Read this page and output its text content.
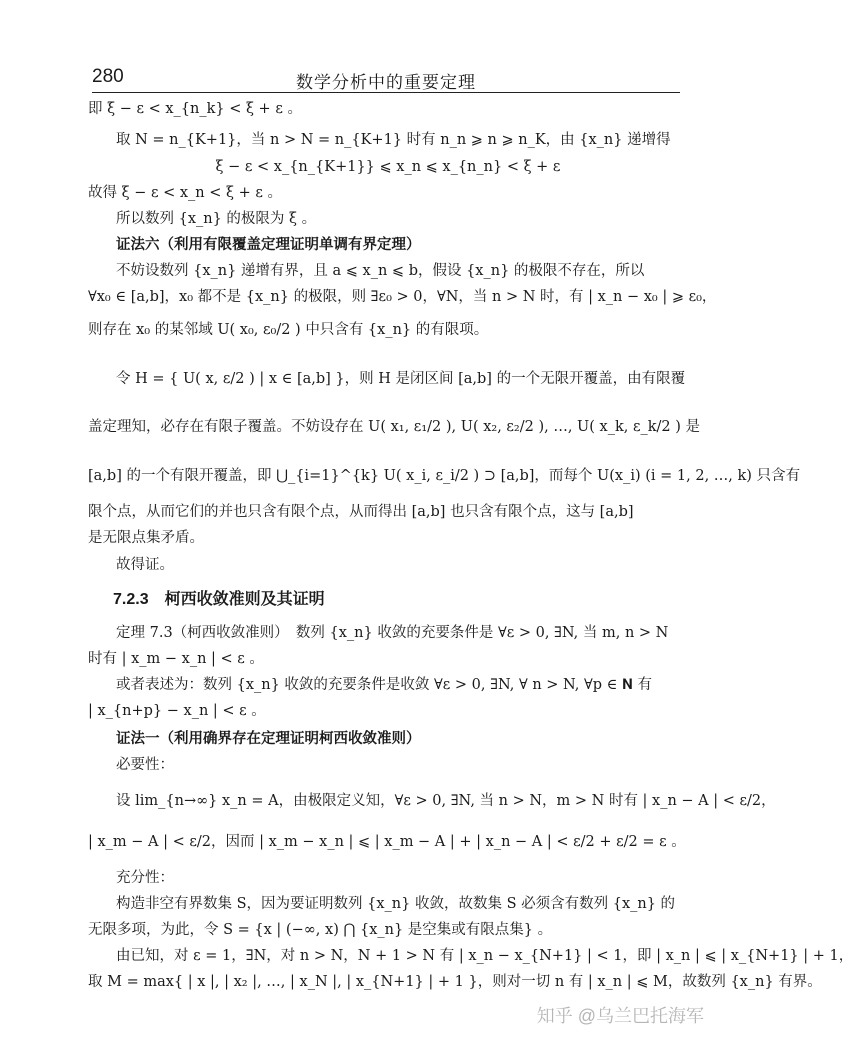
280	数学分析中的重要定理
即 ξ − ε < x_{n_k} < ξ + ε 。
取 N = n_{K+1}，当 n > N = n_{K+1} 时有 n_n ⩾ n ⩾ n_K，由 {x_n} 递增得
ξ − ε < x_{n_{K+1}} ⩽ x_n ⩽ x_{n_n} < ξ + ε
故得 ξ − ε < x_n < ξ + ε 。
所以数列 {x_n} 的极限为 ξ 。
证法六（利用有限覆盖定理证明单调有界定理）
不妨设数列 {x_n} 递增有界，且 a ⩽ x_n ⩽ b，假设 {x_n} 的极限不存在，所以
∀x₀ ∈ [a,b]，x₀ 都不是 {x_n} 的极限，则 ∃ε₀ > 0，∀N，当 n > N 时，有 | x_n − x₀ | ⩾ ε₀，
则存在 x₀ 的某邻域 U( x₀, ε₀/2 ) 中只含有 {x_n} 的有限项。
令 H = { U( x, ε/2 ) | x ∈ [a,b] }，则 H 是闭区间 [a,b] 的一个无限开覆盖，由有限覆
盖定理知，必存在有限子覆盖。不妨设存在 U( x₁, ε₁/2 ), U( x₂, ε₂/2 ), …, U( x_k, ε_k/2 ) 是
[a,b] 的一个有限开覆盖，即 ⋃_{i=1}^{k} U( x_i, ε_i/2 ) ⊃ [a,b]，而每个 U(x_i) (i = 1, 2, …, k) 只含有
限个点，从而它们的并也只含有限个点，从而得出 [a,b] 也只含有限个点，这与 [a,b]
是无限点集矛盾。
故得证。
7.2.3　柯西收敛准则及其证明
定理 7.3（柯西收敛准则）　数列 {x_n} 收敛的充要条件是 ∀ε > 0, ∃N, 当 m, n > N
时有 | x_m − x_n | < ε 。
或者表述为：数列 {x_n} 收敛的充要条件是收敛 ∀ε > 0, ∃N, ∀ n > N, ∀p ∈ 𝐍 有
| x_{n+p} − x_n | < ε 。
证法一（利用确界存在定理证明柯西收敛准则）
必要性：
设 lim_{n→∞} x_n = A，由极限定义知，∀ε > 0, ∃N, 当 n > N，m > N 时有 | x_n − A | < ε/2，
| x_m − A | < ε/2，因而 | x_m − x_n | ⩽ | x_m − A | + | x_n − A | < ε/2 + ε/2 = ε 。
充分性：
构造非空有界数集 S，因为要证明数列 {x_n} 收敛，故数集 S 必须含有数列 {x_n} 的
无限多项，为此，令 S = {x | (−∞, x) ⋂ {x_n} 是空集或有限点集} 。
由已知，对 ε = 1，∃N，对 n > N，N + 1 > N 有 | x_n − x_{N+1} | < 1，即 | x_n | ⩽ | x_{N+1} | + 1，
取 M = max{ | x |, | x₂ |, …, | x_N |, | x_{N+1} | + 1 }，则对一切 n 有 | x_n | ⩽ M，故数列 {x_n} 有界。
知乎 @乌兰巴托海军
